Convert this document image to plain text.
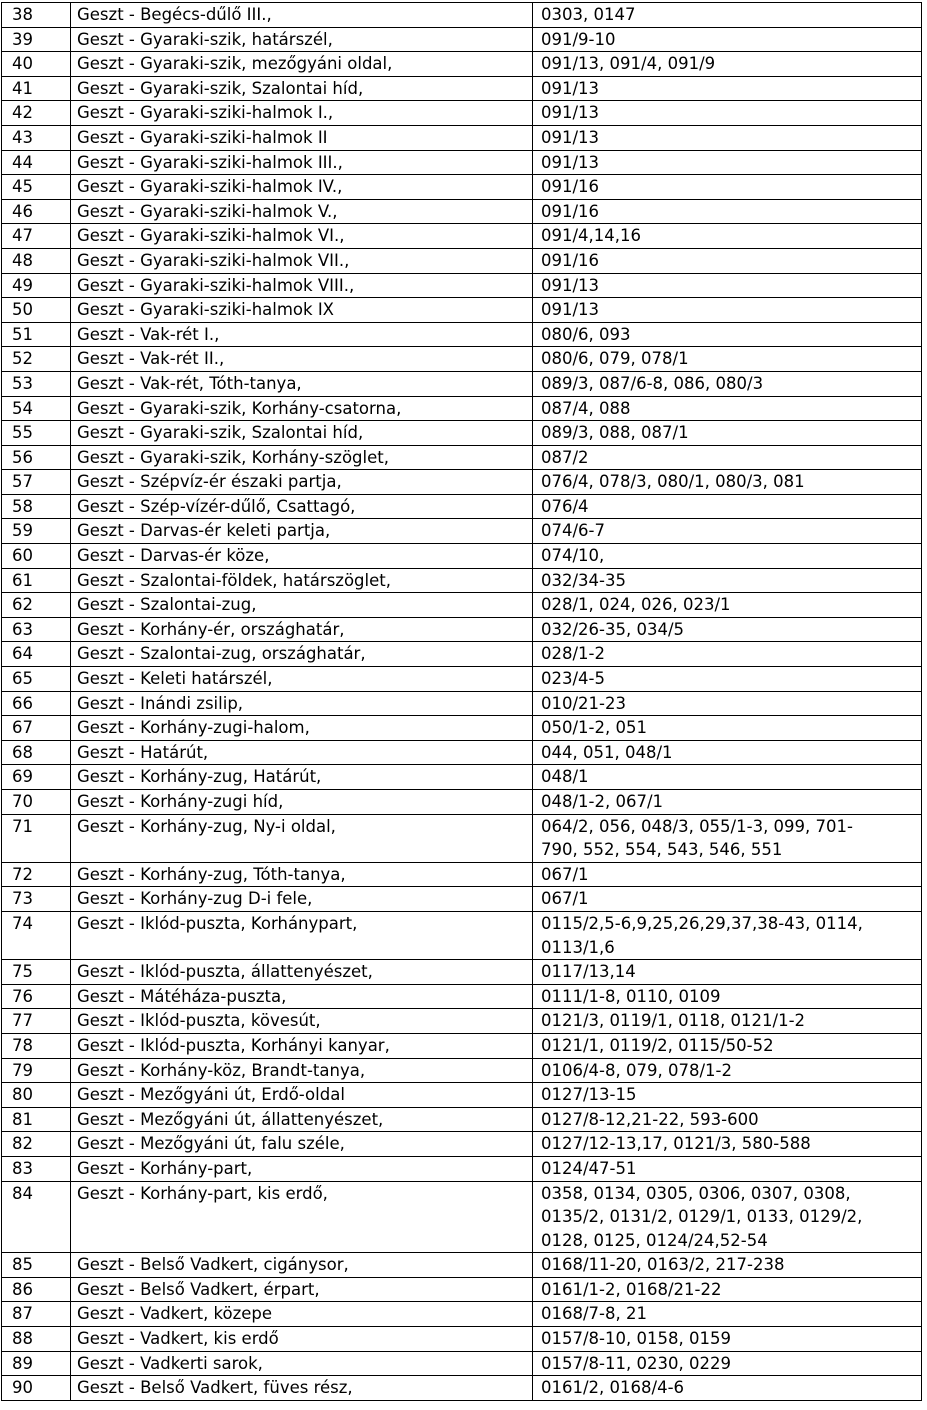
38	Geszt - Begécs-dűlő III.,	0303, 0147
39	Geszt - Gyaraki-szik, határszél,	091/9-10
40	Geszt - Gyaraki-szik, mezőgyáni oldal,	091/13, 091/4, 091/9
41	Geszt - Gyaraki-szik, Szalontai híd,	091/13
42	Geszt - Gyaraki-sziki-halmok I.,	091/13
43	Geszt - Gyaraki-sziki-halmok II	091/13
44	Geszt - Gyaraki-sziki-halmok III.,	091/13
45	Geszt - Gyaraki-sziki-halmok IV.,	091/16
46	Geszt - Gyaraki-sziki-halmok V.,	091/16
47	Geszt - Gyaraki-sziki-halmok VI.,	091/4,14,16
48	Geszt - Gyaraki-sziki-halmok VII.,	091/16
49	Geszt - Gyaraki-sziki-halmok VIII.,	091/13
50	Geszt - Gyaraki-sziki-halmok IX	091/13
51	Geszt - Vak-rét I.,	080/6, 093
52	Geszt - Vak-rét II.,	080/6, 079, 078/1
53	Geszt - Vak-rét, Tóth-tanya,	089/3, 087/6-8, 086, 080/3
54	Geszt - Gyaraki-szik, Korhány-csatorna,	087/4, 088
55	Geszt - Gyaraki-szik, Szalontai híd,	089/3, 088, 087/1
56	Geszt - Gyaraki-szik, Korhány-szöglet,	087/2
57	Geszt - Szépvíz-ér északi partja,	076/4, 078/3, 080/1, 080/3, 081
58	Geszt - Szép-vízér-dűlő, Csattagó,	076/4
59	Geszt - Darvas-ér keleti partja,	074/6-7
60	Geszt - Darvas-ér köze,	074/10,
61	Geszt - Szalontai-földek, határszöglet,	032/34-35
62	Geszt - Szalontai-zug,	028/1, 024, 026, 023/1
63	Geszt - Korhány-ér, országhatár,	032/26-35, 034/5
64	Geszt - Szalontai-zug, országhatár,	028/1-2
65	Geszt - Keleti határszél,	023/4-5
66	Geszt - Inándi zsilip,	010/21-23
67	Geszt - Korhány-zugi-halom,	050/1-2, 051
68	Geszt - Határút,	044, 051, 048/1
69	Geszt - Korhány-zug, Határút,	048/1
70	Geszt - Korhány-zugi híd,	048/1-2, 067/1
71	Geszt - Korhány-zug, Ny-i oldal,	064/2, 056, 048/3, 055/1-3, 099, 701-
790, 552, 554, 543, 546, 551

72	Geszt - Korhány-zug, Tóth-tanya,	067/1
73	Geszt - Korhány-zug D-i fele,	067/1
74	Geszt - Iklód-puszta, Korhánypart,	0115/2,5-6,9,25,26,29,37,38-43, 0114,
0113/1,6

75	Geszt - Iklód-puszta, állattenyészet,	0117/13,14
76	Geszt - Mátéháza-puszta,	0111/1-8, 0110, 0109
77	Geszt - Iklód-puszta, kövesút,	0121/3, 0119/1, 0118, 0121/1-2
78	Geszt - Iklód-puszta, Korhányi kanyar,	0121/1, 0119/2, 0115/50-52
79	Geszt - Korhány-köz, Brandt-tanya,	0106/4-8, 079, 078/1-2
80	Geszt - Mezőgyáni út, Erdő-oldal	0127/13-15
81	Geszt - Mezőgyáni út, állattenyészet,	0127/8-12,21-22, 593-600
82	Geszt - Mezőgyáni út, falu széle,	0127/12-13,17, 0121/3, 580-588
83	Geszt - Korhány-part,	0124/47-51
84	Geszt - Korhány-part, kis erdő,	0358, 0134, 0305, 0306, 0307, 0308,
0135/2, 0131/2, 0129/1, 0133, 0129/2,
0128, 0125, 0124/24,52-54

85	Geszt - Belső Vadkert, cigánysor,	0168/11-20, 0163/2, 217-238
86	Geszt - Belső Vadkert, érpart,	0161/1-2, 0168/21-22
87	Geszt - Vadkert, közepe	0168/7-8, 21
88	Geszt - Vadkert, kis erdő	0157/8-10, 0158, 0159
89	Geszt - Vadkerti sarok,	0157/8-11, 0230, 0229
90	Geszt - Belső Vadkert, füves rész,	0161/2, 0168/4-6
